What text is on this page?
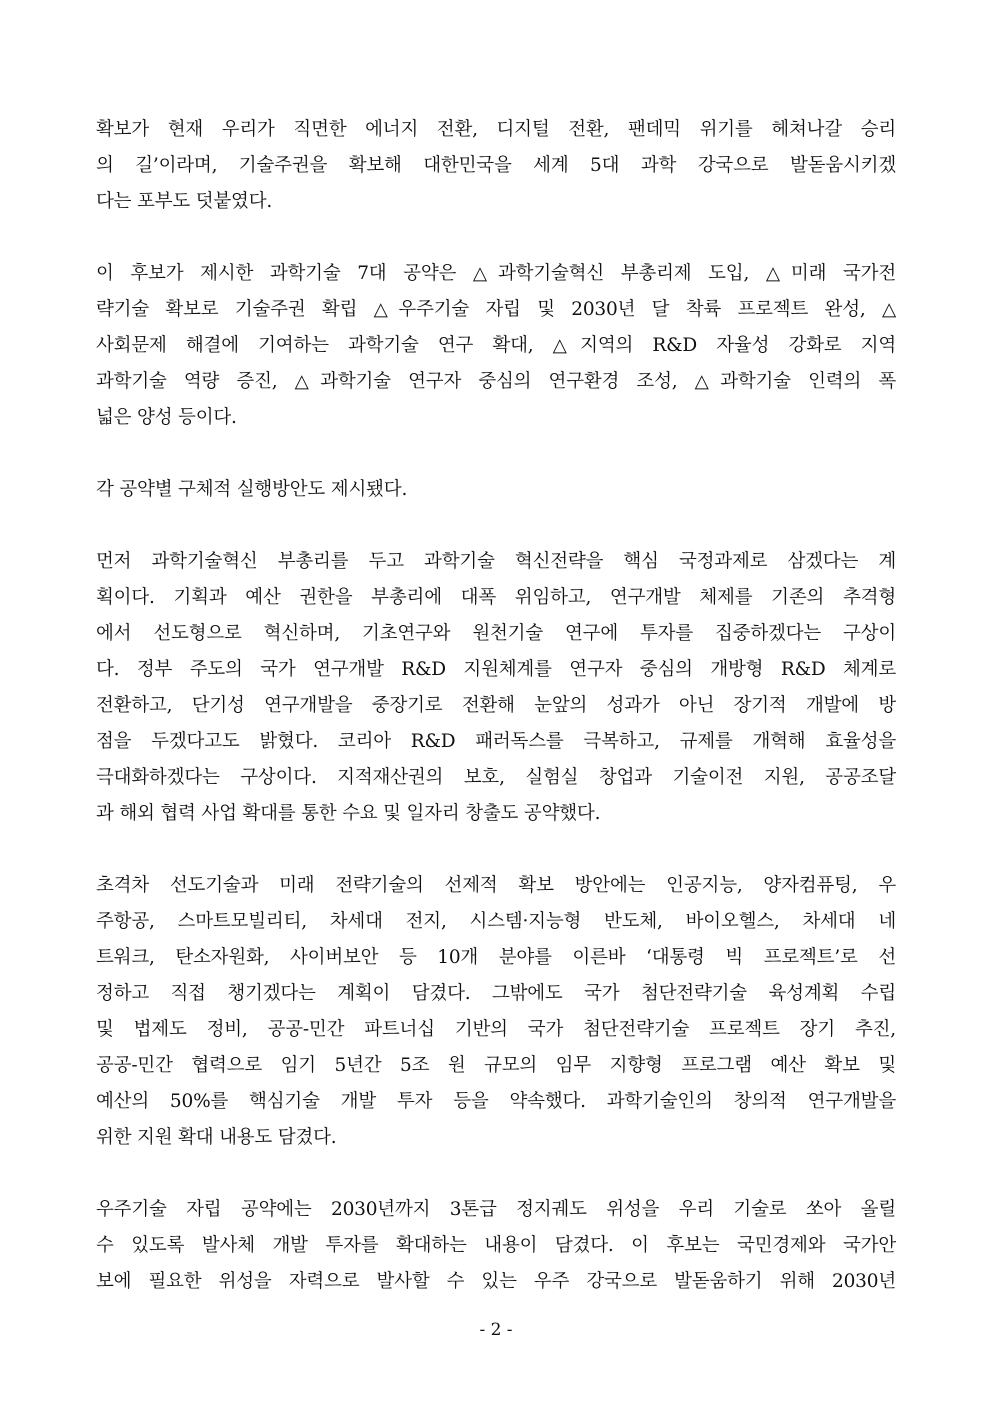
확보가 현재 우리가 직면한 에너지 전환, 디지털 전환, 팬데믹 위기를 헤쳐나갈 승리
의 길’이라며, 기술주권을 확보해 대한민국을 세계 5대 과학 강국으로 발돋움시키겠
다는 포부도 덧붙였다.
이 후보가 제시한 과학기술 7대 공약은 △과학기술혁신 부총리제 도입, △미래 국가전
략기술 확보로 기술주권 확립 △우주기술 자립 및 2030년 달 착륙 프로젝트 완성, △
사회문제 해결에 기여하는 과학기술 연구 확대, △지역의 R&D 자율성 강화로 지역
과학기술 역량 증진, △과학기술 연구자 중심의 연구환경 조성, △과학기술 인력의 폭
넓은 양성 등이다.
각 공약별 구체적 실행방안도 제시됐다.
먼저 과학기술혁신 부총리를 두고 과학기술 혁신전략을 핵심 국정과제로 삼겠다는 계
획이다. 기획과 예산 권한을 부총리에 대폭 위임하고, 연구개발 체제를 기존의 추격형
에서 선도형으로 혁신하며, 기초연구와 원천기술 연구에 투자를 집중하겠다는 구상이
다. 정부 주도의 국가 연구개발 R&D 지원체계를 연구자 중심의 개방형 R&D 체계로
전환하고, 단기성 연구개발을 중장기로 전환해 눈앞의 성과가 아닌 장기적 개발에 방
점을 두겠다고도 밝혔다. 코리아 R&D 패러독스를 극복하고, 규제를 개혁해 효율성을
극대화하겠다는 구상이다. 지적재산권의 보호, 실험실 창업과 기술이전 지원, 공공조달
과 해외 협력 사업 확대를 통한 수요 및 일자리 창출도 공약했다.
초격차 선도기술과 미래 전략기술의 선제적 확보 방안에는 인공지능, 양자컴퓨팅, 우
주항공, 스마트모빌리티, 차세대 전지, 시스템·지능형 반도체, 바이오헬스, 차세대 네
트워크, 탄소자원화, 사이버보안 등 10개 분야를 이른바 ‘대통령 빅 프로젝트’로 선
정하고 직접 챙기겠다는 계획이 담겼다. 그밖에도 국가 첨단전략기술 육성계획 수립
및 법제도 정비, 공공-민간 파트너십 기반의 국가 첨단전략기술 프로젝트 장기 추진,
공공-민간 협력으로 임기 5년간 5조 원 규모의 임무 지향형 프로그램 예산 확보 및
예산의 50%를 핵심기술 개발 투자 등을 약속했다. 과학기술인의 창의적 연구개발을
위한 지원 확대 내용도 담겼다.
우주기술 자립 공약에는 2030년까지 3톤급 정지궤도 위성을 우리 기술로 쏘아 올릴
수 있도록 발사체 개발 투자를 확대하는 내용이 담겼다. 이 후보는 국민경제와 국가안
보에 필요한 위성을 자력으로 발사할 수 있는 우주 강국으로 발돋움하기 위해 2030년
- 2 -
